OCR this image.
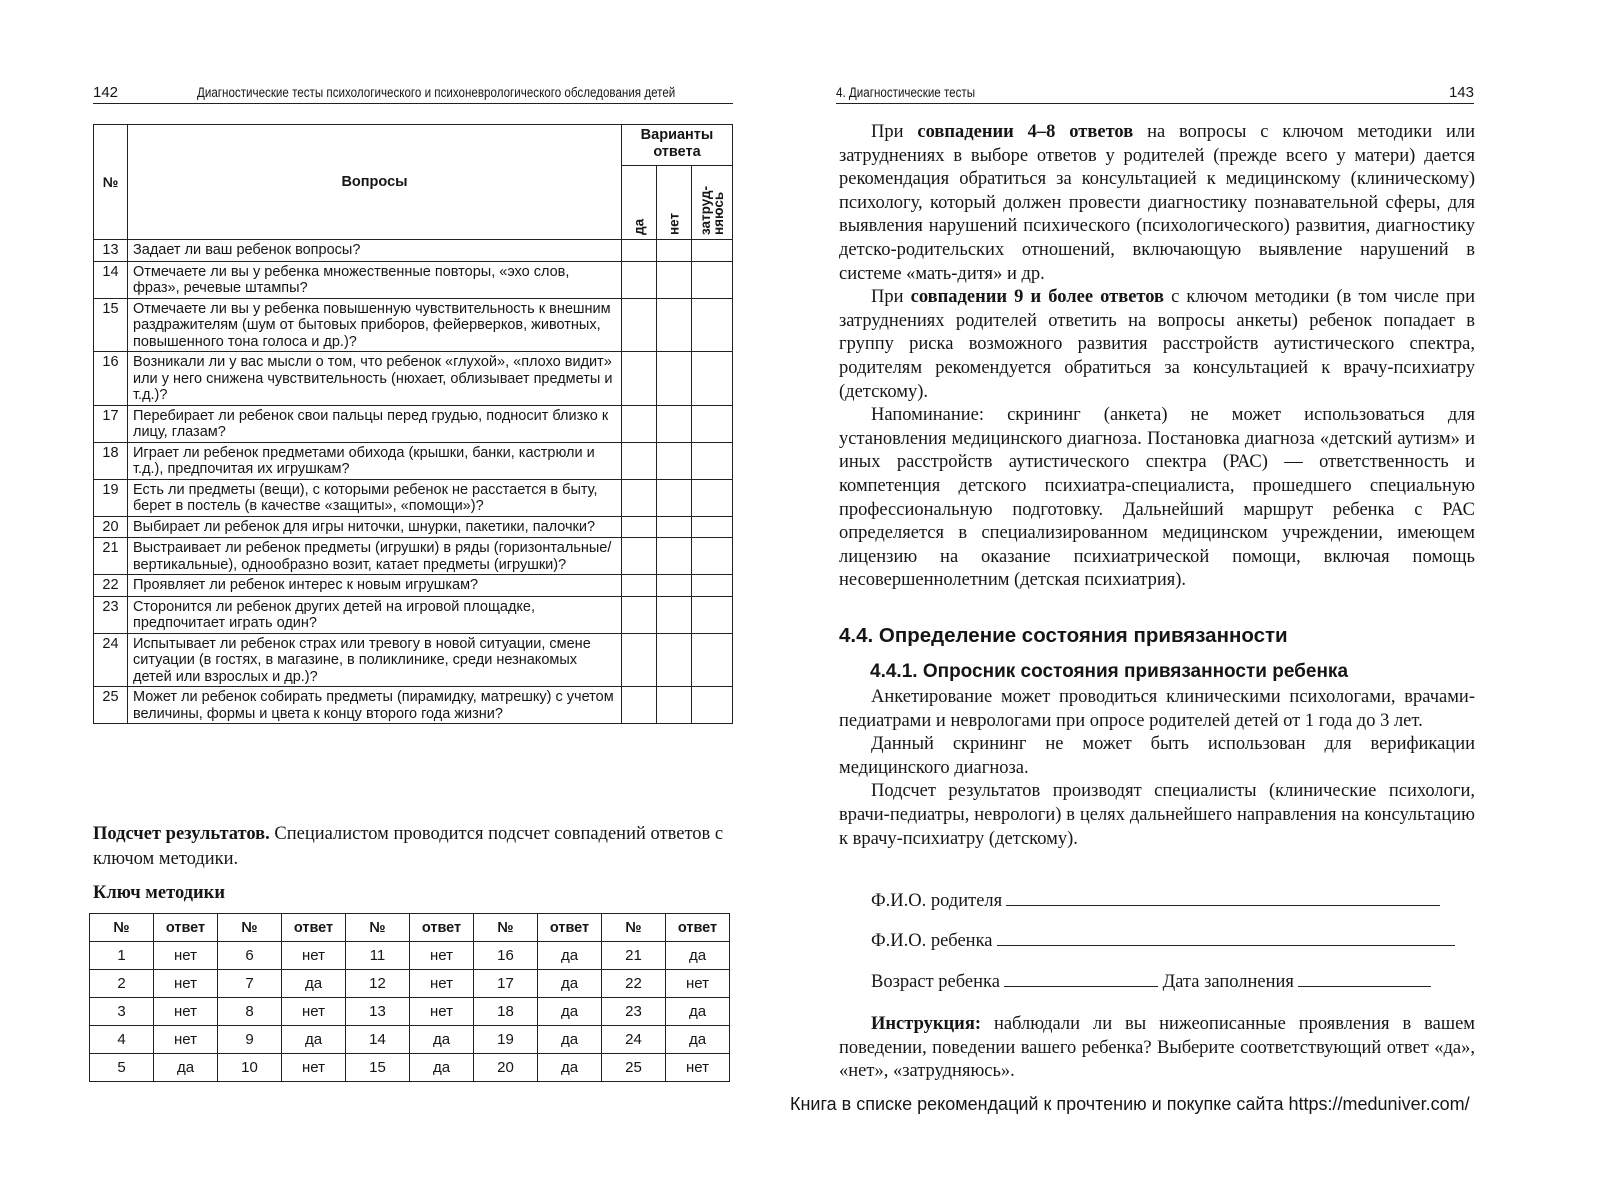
142	Диагностические тесты психологического и психоневрологического обследования детей
№	Вопросы	Варианты ответа		

		да	нет	затруд-
няюсь

13	Задает ли ваш ребенок вопросы?			
14	Отмечаете ли вы у ребенка множественные повторы, «эхо слов, фраз», речевые штампы?			
15	Отмечаете ли вы у ребенка повышенную чувствительность к внешним раздражителям (шум от бытовых приборов, фейерверков, животных, повышенного тона голоса и др.)?			
16	Возникали ли у вас мысли о том, что ребенок «глухой», «плохо видит» или у него снижена чувствительность (нюхает, облизывает предметы и т.д.)?			
17	Перебирает ли ребенок свои пальцы перед грудью, подносит близко к лицу, глазам?			
18	Играет ли ребенок предметами обихода (крышки, банки, кастрюли и т.д.), предпочитая их игрушкам?			
19	Есть ли предметы (вещи), с которыми ребенок не расстается в быту, берет в постель (в качестве «защиты», «помощи»)?			
20	Выбирает ли ребенок для игры ниточки, шнурки, пакетики, палочки?			
21	Выстраивает ли ребенок предметы (игрушки) в ряды (горизонтальные/вертикальные), однообразно возит, катает предметы (игрушки)?			
22	Проявляет ли ребенок интерес к новым игрушкам?			
23	Сторонится ли ребенок других детей на игровой площадке, предпочитает играть один?			
24	Испытывает ли ребенок страх или тревогу в новой ситуации, смене ситуации (в гостях, в магазине, в поликлинике, среди незнакомых детей или взрослых и др.)?			
25	Может ли ребенок собирать предметы (пирамидку, матрешку) с учетом величины, формы и цвета к концу второго года жизни?			
Подсчет результатов. Специалистом проводится подсчет совпадений ответов с ключом методики.
Ключ методики
№	ответ	№	ответ	№	ответ	№	ответ	№	ответ
1	нет	6	нет	11	нет	16	да	21	да
2	нет	7	да	12	нет	17	да	22	нет
3	нет	8	нет	13	нет	18	да	23	да
4	нет	9	да	14	да	19	да	24	да
5	да	10	нет	15	да	20	да	25	нет
4. Диагностические тесты	143

При совпадении 4–8 ответов на вопросы с ключом методики или затруднениях в выборе ответов у родителей (прежде всего у матери) дается рекомендация обратиться за консультацией к медицинскому (клиническому) психологу, который должен провести диагностику познавательной сферы, для выявления нарушений психического (психологического) развития, диагностику детско-родительских отношений, включающую выявление нарушений в системе «мать-дитя» и др.

При совпадении 9 и более ответов с ключом методики (в том числе при затруднениях родителей ответить на вопросы анкеты) ребенок попадает в группу риска возможного развития расстройств аутистического спектра, родителям рекомендуется обратиться за консультацией к врачу-психиатру (детскому).

Напоминание: скрининг (анкета) не может использоваться для установления медицинского диагноза. Постановка диагноза «детский аутизм» и иных расстройств аутистического спектра (РАС) — ответственность и компетенция детского психиатра-специалиста, прошедшего специальную профессиональную подготовку. Дальнейший маршрут ребенка с РАС определяется в специализированном медицинском учреждении, имеющем лицензию на оказание психиатрической помощи, включая помощь несовершеннолетним (детская психиатрия).

4.4. Определение состояния привязанности
4.4.1. Опросник состояния привязанности ребенка

Анкетирование может проводиться клиническими психологами, врачами-педиатрами и неврологами при опросе родителей детей от 1 года до 3 лет.

Данный скрининг не может быть использован для верификации медицинского диагноза.

Подсчет результатов производят специалисты (клинические психологи, врачи-педиатры, неврологи) в целях дальнейшего направления на консультацию к врачу-психиатру (детскому).

Ф.И.О. родителя
Ф.И.О. ребенка
Возраст ребенка	Дата заполнения

Инструкция: наблюдали ли вы нижеописанные проявления в вашем поведении, поведении вашего ребенка? Выберите соответствующий ответ «да», «нет», «затрудняюсь».

Книга в списке рекомендаций к прочтению и покупке сайта https://meduniver.com/
